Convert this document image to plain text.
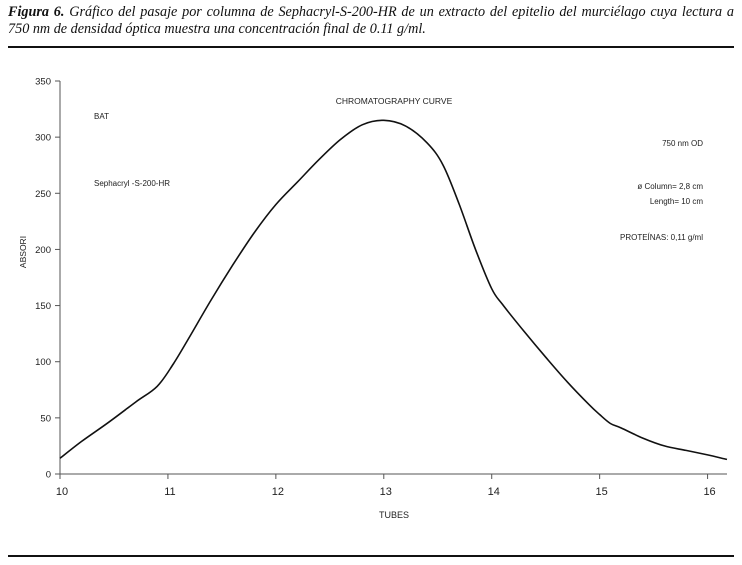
Figura 6. Gráfico del pasaje por columna de Sephacryl-S-200-HR de un extracto del epitelio del murciélago cuya lectura a 750 nm de densidad óptica muestra una concentración final de 0.11 g/ml.
0
50
100
150
200
250
300
350
10	11	12	13	14	15	16
CHROMATOGRAPHY CURVE
TUBES
ABSORI
BAT
Sephacryl -S-200-HR
750 nm OD
ø Column= 2,8 cm
Length= 10 cm
PROTEÍNAS: 0,11 g/ml
